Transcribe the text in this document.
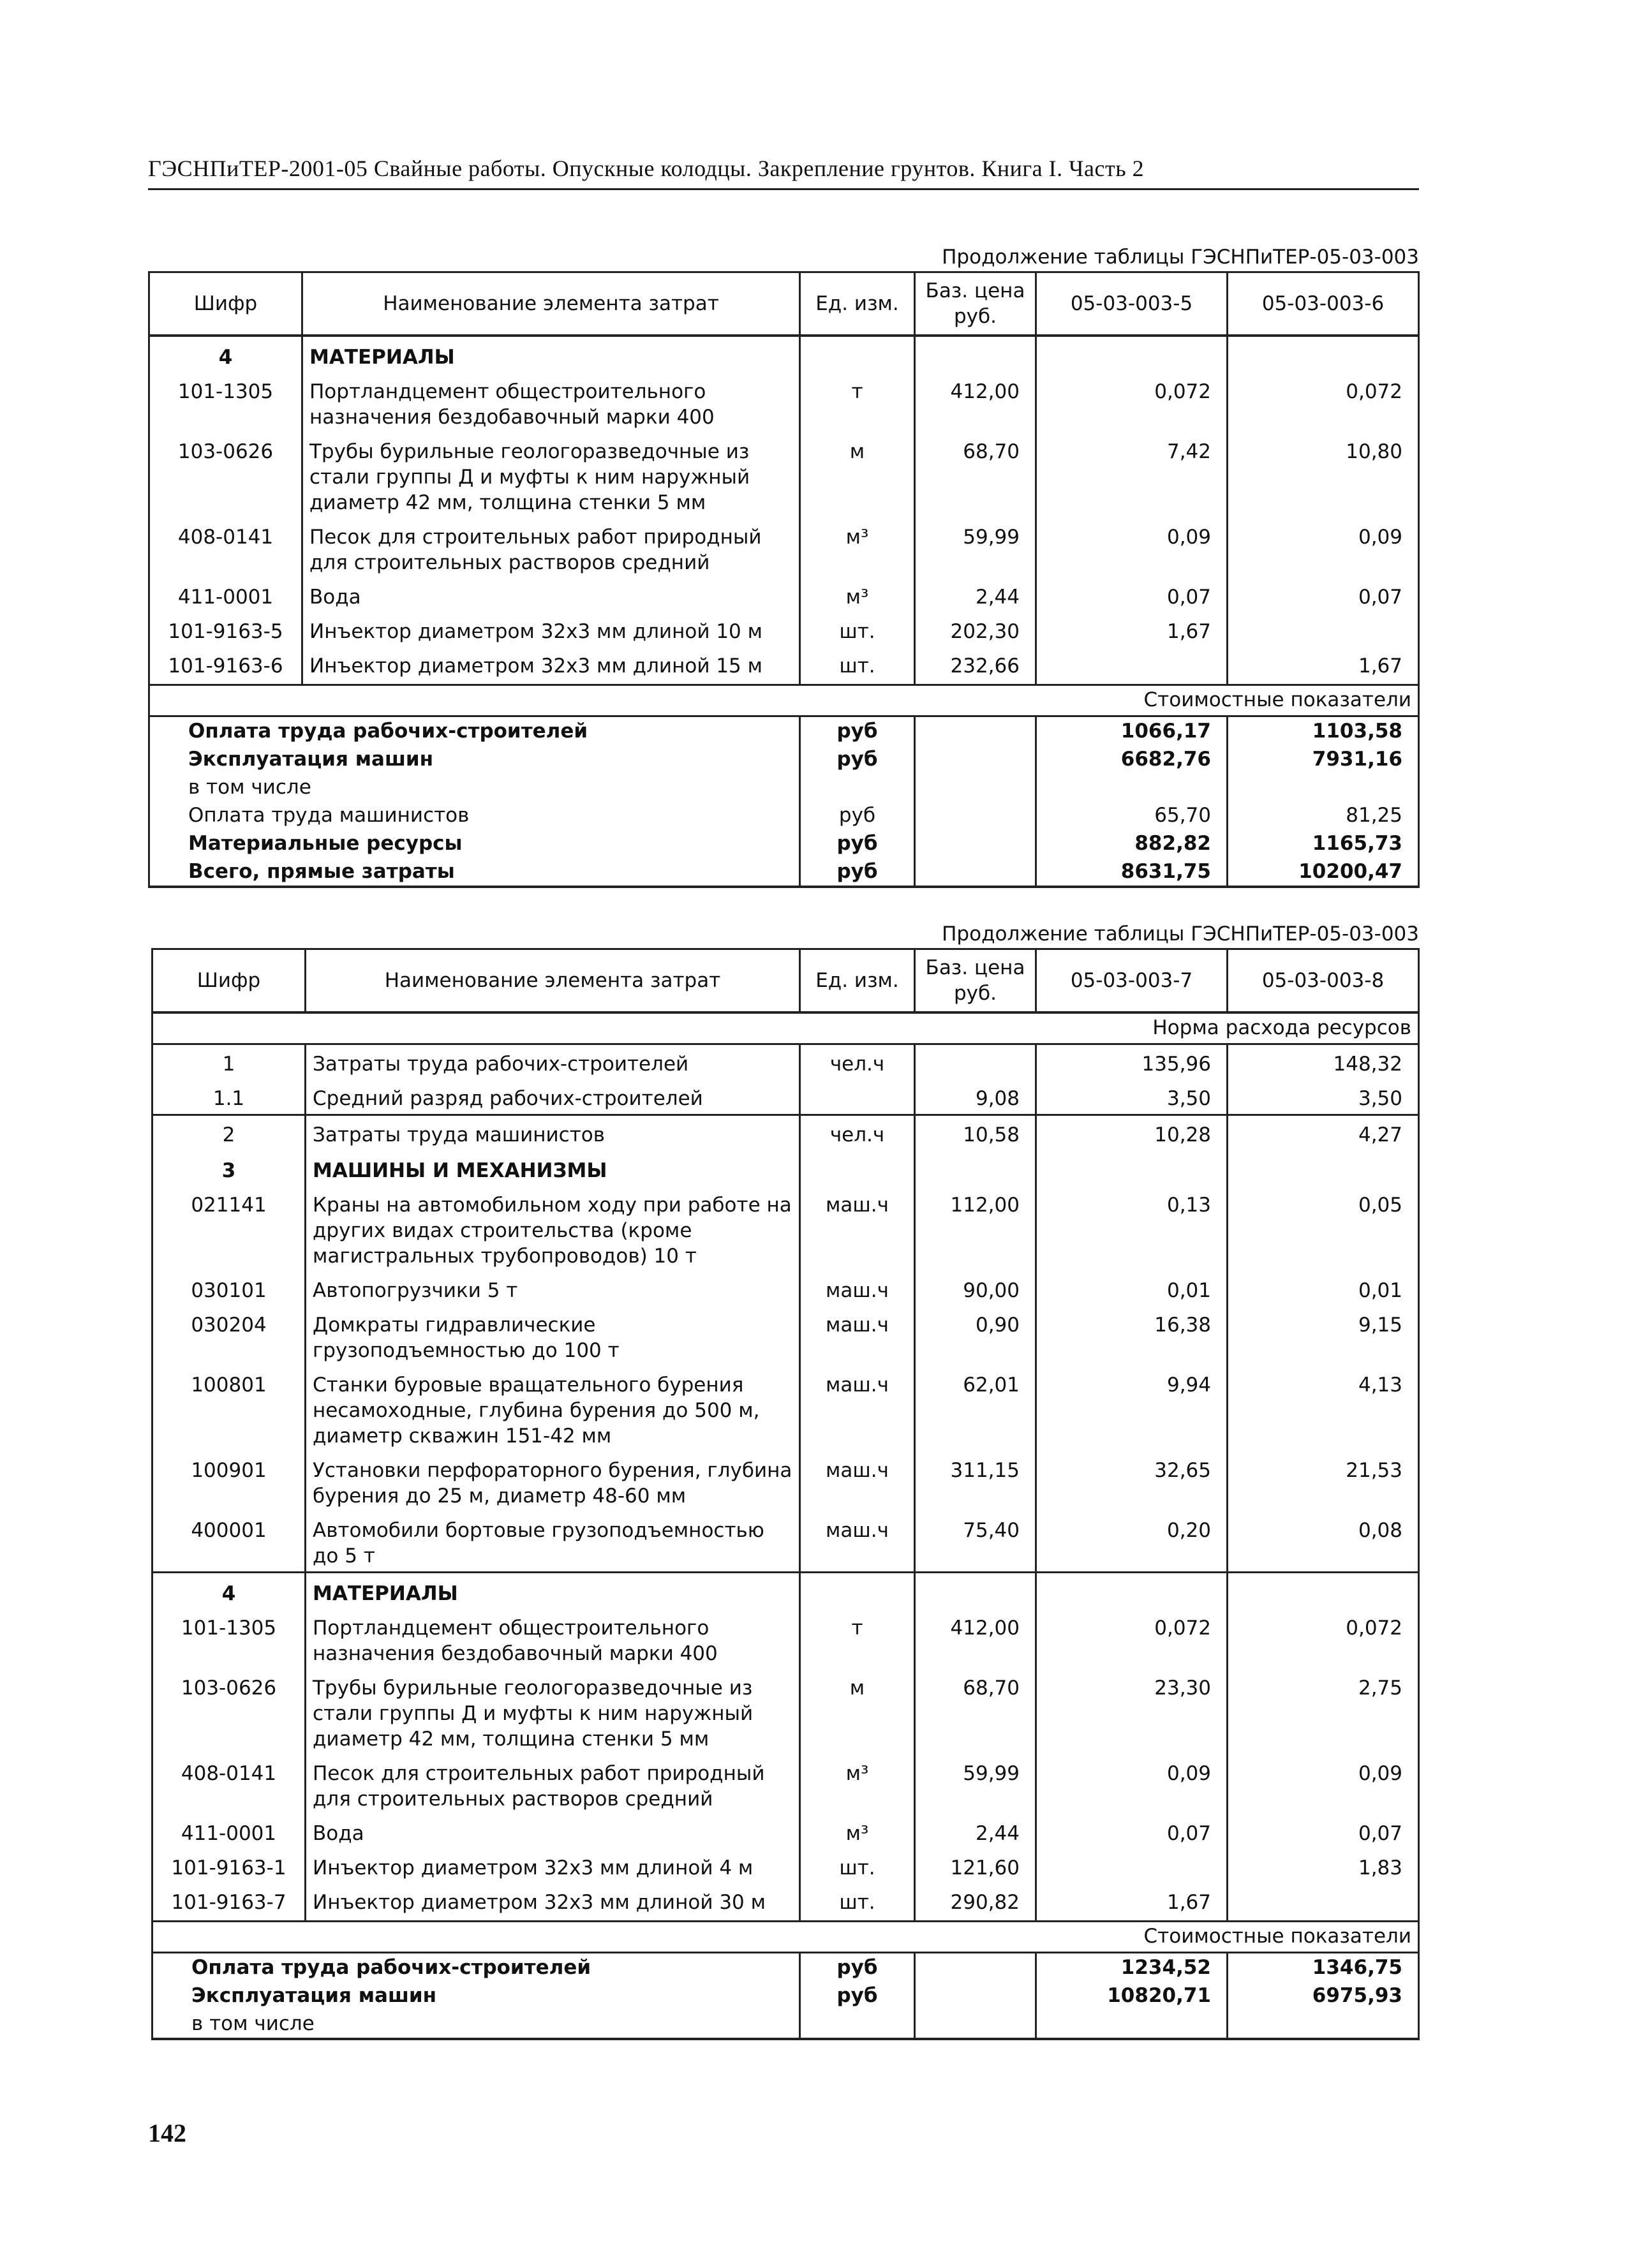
ГЭСНПиТЕР-2001-05 Свайные работы. Опускные колодцы. Закрепление грунтов. Книга I. Часть 2
Продолжение таблицы ГЭСНПиТЕР-05-03-003
Шифр	Наименование элемента затрат	Ед. изм.	Баз. цена руб.	05-03-003-5	05-03-003-6
4	МАТЕРИАЛЫ				
101-1305	Портландцемент общестроительного назначения бездобавочный марки 400	т	412,00	0,072	0,072
103-0626	Трубы бурильные геологоразведочные из стали группы Д и муфты к ним наружный диаметр 42 мм, толщина стенки 5 мм	м	68,70	7,42	10,80
408-0141	Песок для строительных работ природный для строительных растворов средний	м³	59,99	0,09	0,09
411-0001	Вода	м³	2,44	0,07	0,07
101-9163-5	Инъектор диаметром 32х3 мм длиной 10 м	шт.	202,30	1,67	
101-9163-6	Инъектор диаметром 32х3 мм длиной 15 м	шт.	232,66		1,67
Стоимостные показатели					
Оплата труда рабочих-строителей		руб		1066,17	1103,58
Эксплуатация машин		руб		6682,76	7931,16
в том числе					
Оплата труда машинистов		руб		65,70	81,25
Материальные ресурсы		руб		882,82	1165,73
Всего, прямые затраты		руб		8631,75	10200,47
Продолжение таблицы ГЭСНПиТЕР-05-03-003
Шифр	Наименование элемента затрат	Ед. изм.	Баз. цена руб.	05-03-003-7	05-03-003-8
Норма расхода ресурсов					
1	Затраты труда рабочих-строителей	чел.ч		135,96	148,32
1.1	Средний разряд рабочих-строителей		9,08	3,50	3,50
2	Затраты труда машинистов	чел.ч	10,58	10,28	4,27
3	МАШИНЫ И МЕХАНИЗМЫ				
021141	Краны на автомобильном ходу при работе на других видах строительства (кроме магистральных трубопроводов) 10 т	маш.ч	112,00	0,13	0,05
030101	Автопогрузчики 5 т	маш.ч	90,00	0,01	0,01
030204	Домкраты гидравлические грузоподъемностью до 100 т	маш.ч	0,90	16,38	9,15
100801	Станки буровые вращательного бурения несамоходные, глубина бурения до 500 м, диаметр скважин 151-42 мм	маш.ч	62,01	9,94	4,13
100901	Установки перфораторного бурения, глубина бурения до 25 м, диаметр 48-60 мм	маш.ч	311,15	32,65	21,53
400001	Автомобили бортовые грузоподъемностью до 5 т	маш.ч	75,40	0,20	0,08
4	МАТЕРИАЛЫ				
101-1305	Портландцемент общестроительного назначения бездобавочный марки 400	т	412,00	0,072	0,072
103-0626	Трубы бурильные геологоразведочные из стали группы Д и муфты к ним наружный диаметр 42 мм, толщина стенки 5 мм	м	68,70	23,30	2,75
408-0141	Песок для строительных работ природный для строительных растворов средний	м³	59,99	0,09	0,09
411-0001	Вода	м³	2,44	0,07	0,07
101-9163-1	Инъектор диаметром 32х3 мм длиной 4 м	шт.	121,60		1,83
101-9163-7	Инъектор диаметром 32х3 мм длиной 30 м	шт.	290,82	1,67	
Стоимостные показатели					
Оплата труда рабочих-строителей		руб		1234,52	1346,75
Эксплуатация машин		руб		10820,71	6975,93
в том числе					
142
